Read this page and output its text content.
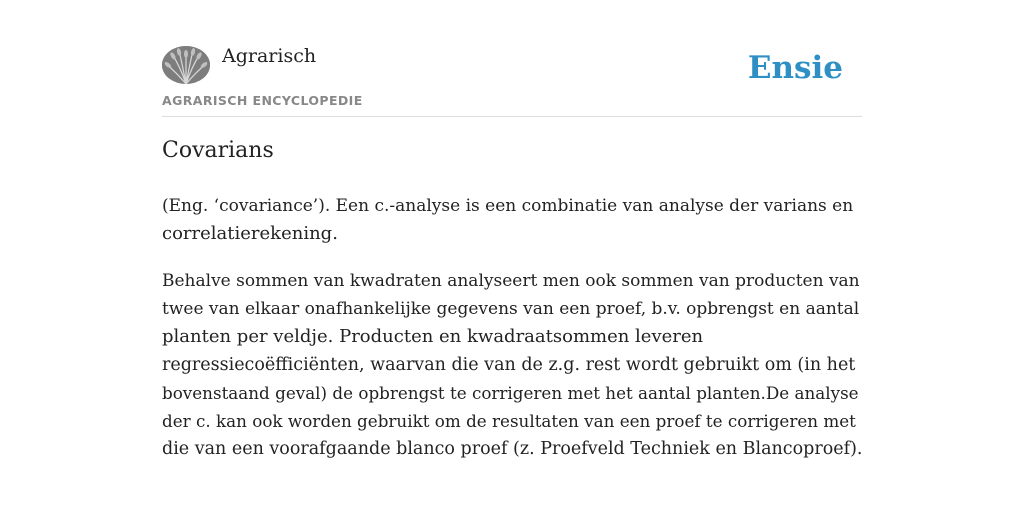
Agrarisch
AGRARISCH ENCYCLOPEDIE
Ensie
Covarians

(Eng. ‘covariance’). Een c.-analyse is een combinatie van analyse der varians en
correlatierekening.

Behalve sommen van kwadraten analyseert men ook sommen van producten van
twee van elkaar onafhankelijke gegevens van een proef, b.v. opbrengst en aantal
planten per veldje. Producten en kwadraatsommen leveren
regressiecoëfficiënten, waarvan die van de z.g. rest wordt gebruikt om (in het
bovenstaand geval) de opbrengst te corrigeren met het aantal planten.De analyse
der c. kan ook worden gebruikt om de resultaten van een proef te corrigeren met
die van een voorafgaande blanco proef (z. Proefveld Techniek en Blancoproef).
